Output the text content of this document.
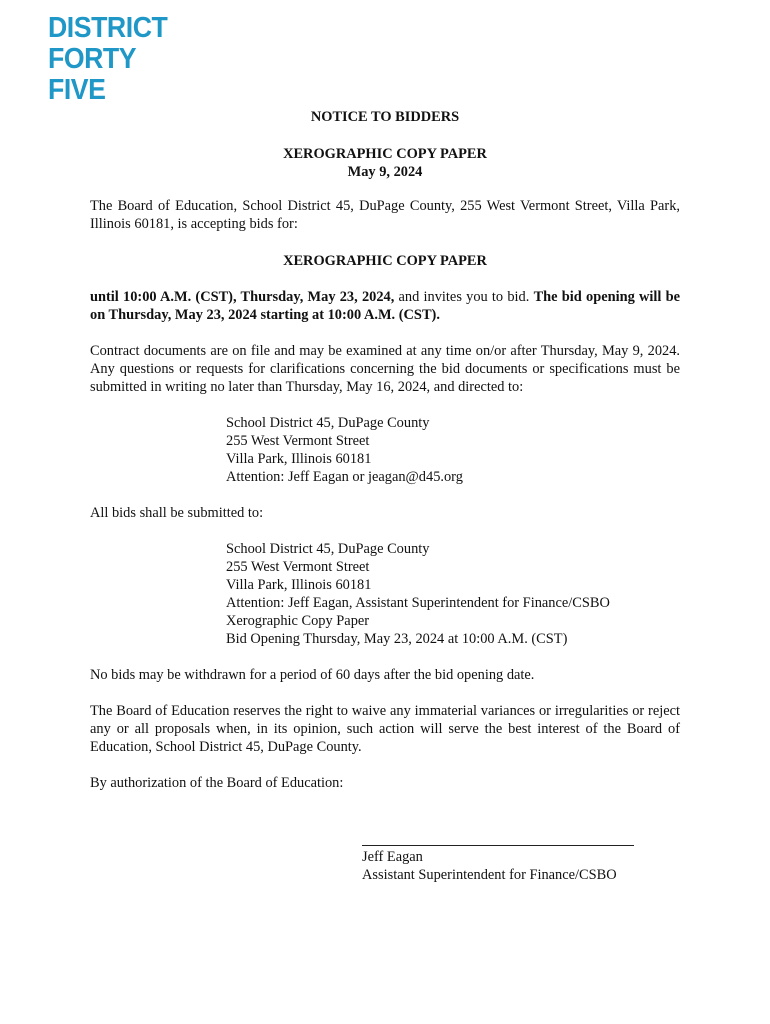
DISTRICT
FORTY
FIVE

NOTICE TO BIDDERS

XEROGRAPHIC COPY PAPER

May 9, 2024

The Board of Education, School District 45, DuPage County, 255 West Vermont Street, Villa Park, Illinois 60181, is accepting bids for:

XEROGRAPHIC COPY PAPER

until 10:00 A.M. (CST), Thursday, May 23, 2024, and invites you to bid. The bid opening will be on Thursday, May 23, 2024 starting at 10:00 A.M. (CST).

Contract documents are on file and may be examined at any time on/or after Thursday, May 9, 2024. Any questions or requests for clarifications concerning the bid documents or specifications must be submitted in writing no later than Thursday, May 16, 2024, and directed to:

School District 45, DuPage County
255 West Vermont Street
Villa Park, Illinois 60181
Attention: Jeff Eagan or jeagan@d45.org

All bids shall be submitted to:

School District 45, DuPage County
255 West Vermont Street
Villa Park, Illinois 60181
Attention: Jeff Eagan, Assistant Superintendent for Finance/CSBO
Xerographic Copy Paper
Bid Opening Thursday, May 23, 2024 at 10:00 A.M. (CST)

No bids may be withdrawn for a period of 60 days after the bid opening date.

The Board of Education reserves the right to waive any immaterial variances or irregularities or reject any or all proposals when, in its opinion, such action will serve the best interest of the Board of Education, School District 45, DuPage County.

By authorization of the Board of Education:

Jeff Eagan
Assistant Superintendent for Finance/CSBO
